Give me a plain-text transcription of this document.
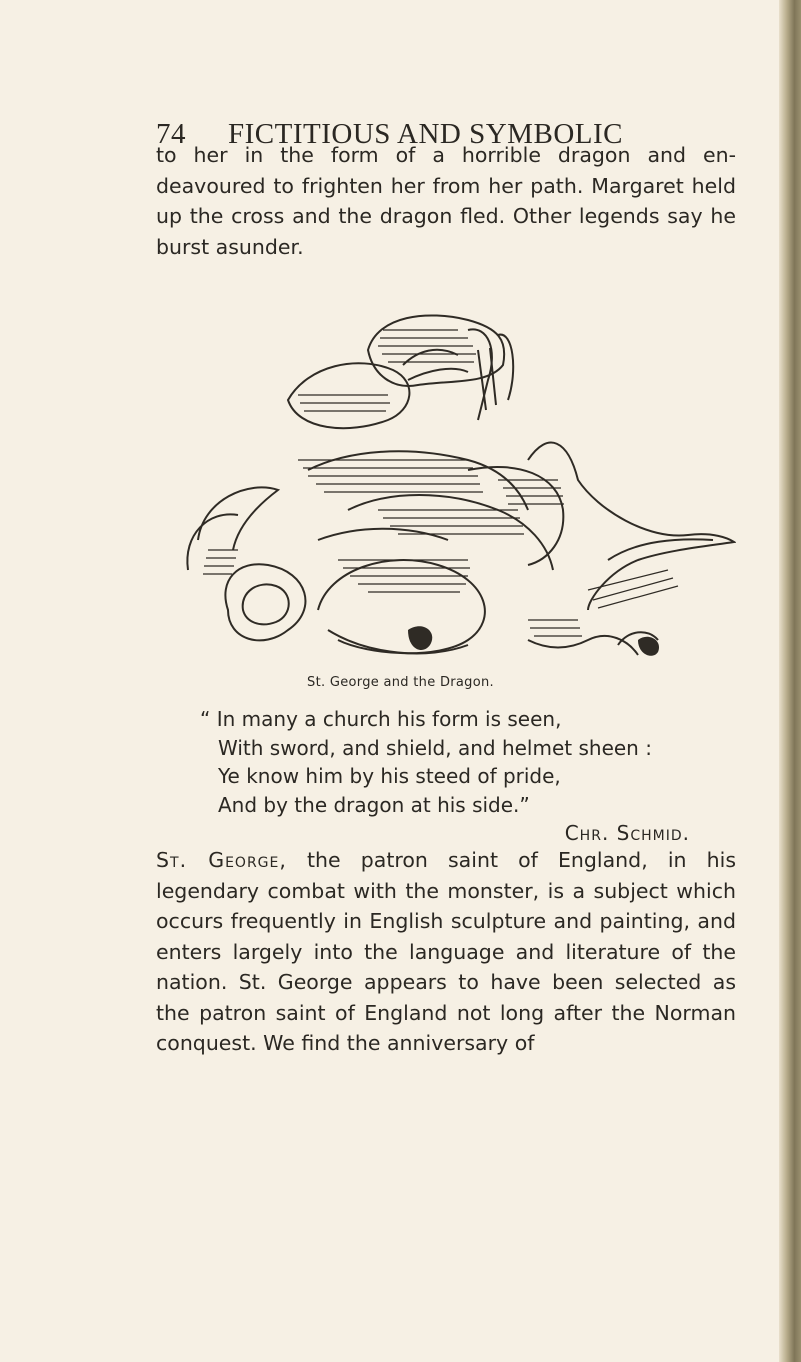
74 FICTITIOUS AND SYMBOLIC

to her in the form of a horrible dragon and en-deavoured to frighten her from her path. Margaret held up the cross and the dragon fled. Other legends say he burst asunder.

St. George and the Dragon.
“ In many a church his form is seen,
With sword, and shield, and helmet sheen :
Ye know him by his steed of pride,
And by the dragon at his side.”
Chr. Schmid.

St. George, the patron saint of England, in his legendary combat with the monster, is a subject which occurs frequently in English sculpture and painting, and enters largely into the language and literature of the nation. St. George appears to have been selected as the patron saint of England not long after the Norman conquest. We find the anniversary of
